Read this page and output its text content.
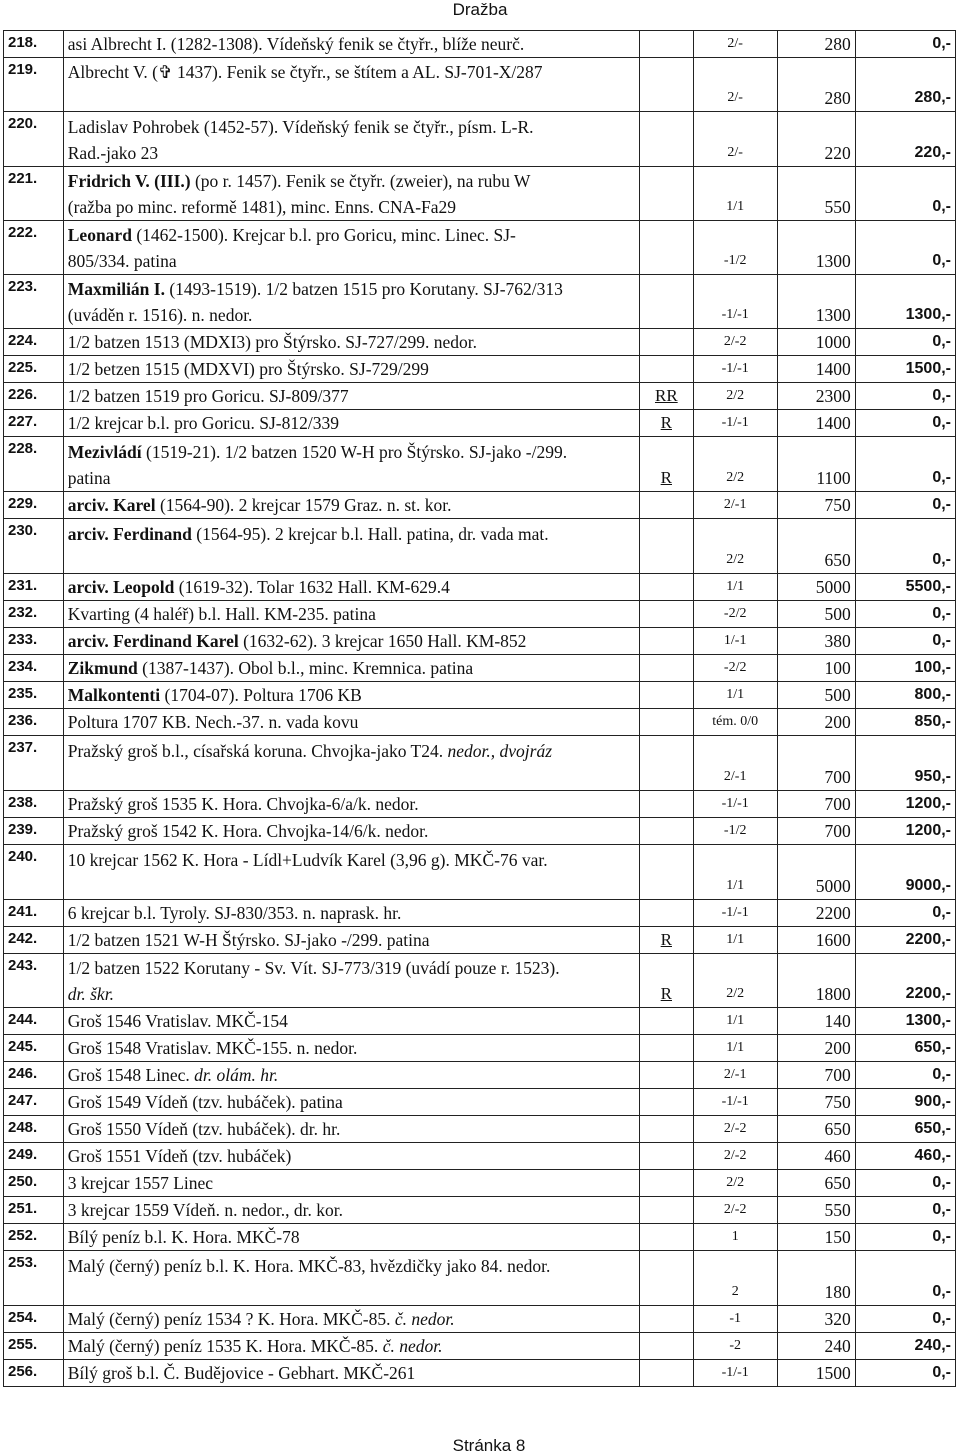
Dražba
218.	asi Albrecht I. (1282-1308). Vídeňský fenik se čtyřr., blíže neurč.		2/-	280	0,-
219.	Albrecht V. (✞ 1437). Fenik se čtyřr., se štítem a AL. SJ-701-X/287		2/-	280	280,-
220.	Ladislav Pohrobek (1452-57). Vídeňský fenik se čtyřr., písm. L-R.
Rad.-jako 23		2/-	220	220,-
221.	Fridrich V. (III.) (po r. 1457). Fenik se čtyřr. (zweier), na rubu W
(ražba po minc. reformě 1481), minc. Enns. CNA-Fa29		1/1	550	0,-
222.	Leonard (1462-1500). Krejcar b.l. pro Goricu, minc. Linec. SJ-
805/334. patina		-1/2	1300	0,-
223.	Maxmilián I. (1493-1519). 1/2 batzen 1515 pro Korutany. SJ-762/313
(uváděn r. 1516). n. nedor.		-1/-1	1300	1300,-
224.	1/2 batzen 1513 (MDXI3) pro Štýrsko. SJ-727/299. nedor.		2/-2	1000	0,-
225.	1/2 betzen 1515 (MDXVI) pro Štýrsko. SJ-729/299		-1/-1	1400	1500,-
226.	1/2 batzen 1519 pro Goricu. SJ-809/377	RR	2/2	2300	0,-
227.	1/2 krejcar b.l. pro Goricu. SJ-812/339	R	-1/-1	1400	0,-
228.	Mezivládí (1519-21). 1/2 batzen 1520 W-H pro Štýrsko. SJ-jako -/299.
patina	R	2/2	1100	0,-
229.	arciv. Karel (1564-90). 2 krejcar 1579 Graz. n. st. kor.		2/-1	750	0,-
230.	arciv. Ferdinand (1564-95). 2 krejcar b.l. Hall. patina, dr. vada mat.		2/2	650	0,-
231.	arciv. Leopold (1619-32). Tolar 1632 Hall. KM-629.4		1/1	5000	5500,-
232.	Kvarting (4 haléř) b.l. Hall. KM-235. patina		-2/2	500	0,-
233.	arciv. Ferdinand Karel (1632-62). 3 krejcar 1650 Hall. KM-852		1/-1	380	0,-
234.	Zikmund (1387-1437). Obol b.l., minc. Kremnica. patina		-2/2	100	100,-
235.	Malkontenti (1704-07). Poltura 1706 KB		1/1	500	800,-
236.	Poltura 1707 KB. Nech.-37. n. vada kovu		tém. 0/0	200	850,-
237.	Pražský groš b.l., císařská koruna. Chvojka-jako T24. nedor., dvojráz		2/-1	700	950,-
238.	Pražský groš 1535 K. Hora. Chvojka-6/a/k. nedor.		-1/-1	700	1200,-
239.	Pražský groš 1542 K. Hora. Chvojka-14/6/k. nedor.		-1/2	700	1200,-
240.	10 krejcar 1562 K. Hora - Lídl+Ludvík Karel (3,96 g). MKČ-76 var.		1/1	5000	9000,-
241.	6 krejcar b.l. Tyroly. SJ-830/353. n. naprask. hr.		-1/-1	2200	0,-
242.	1/2 batzen 1521 W-H Štýrsko. SJ-jako -/299. patina	R	1/1	1600	2200,-
243.	1/2 batzen 1522 Korutany - Sv. Vít. SJ-773/319 (uvádí pouze r. 1523).
dr. škr.	R	2/2	1800	2200,-
244.	Groš 1546 Vratislav. MKČ-154		1/1	140	1300,-
245.	Groš 1548 Vratislav. MKČ-155. n. nedor.		1/1	200	650,-
246.	Groš 1548 Linec. dr. olám. hr.		2/-1	700	0,-
247.	Groš 1549 Vídeň (tzv. hubáček). patina		-1/-1	750	900,-
248.	Groš 1550 Vídeň (tzv. hubáček). dr. hr.		2/-2	650	650,-
249.	Groš 1551 Vídeň (tzv. hubáček)		2/-2	460	460,-
250.	3 krejcar 1557 Linec		2/2	650	0,-
251.	3 krejcar 1559 Vídeň. n. nedor., dr. kor.		2/-2	550	0,-
252.	Bílý peníz b.l. K. Hora. MKČ-78		1	150	0,-
253.	Malý (černý) peníz b.l. K. Hora. MKČ-83, hvězdičky jako 84. nedor.		2	180	0,-
254.	Malý (černý) peníz 1534 ? K. Hora. MKČ-85. č. nedor.		-1	320	0,-
255.	Malý (černý) peníz 1535 K. Hora. MKČ-85. č. nedor.		-2	240	240,-
256.	Bílý groš b.l. Č. Budějovice - Gebhart. MKČ-261		-1/-1	1500	0,-
Stránka 8
